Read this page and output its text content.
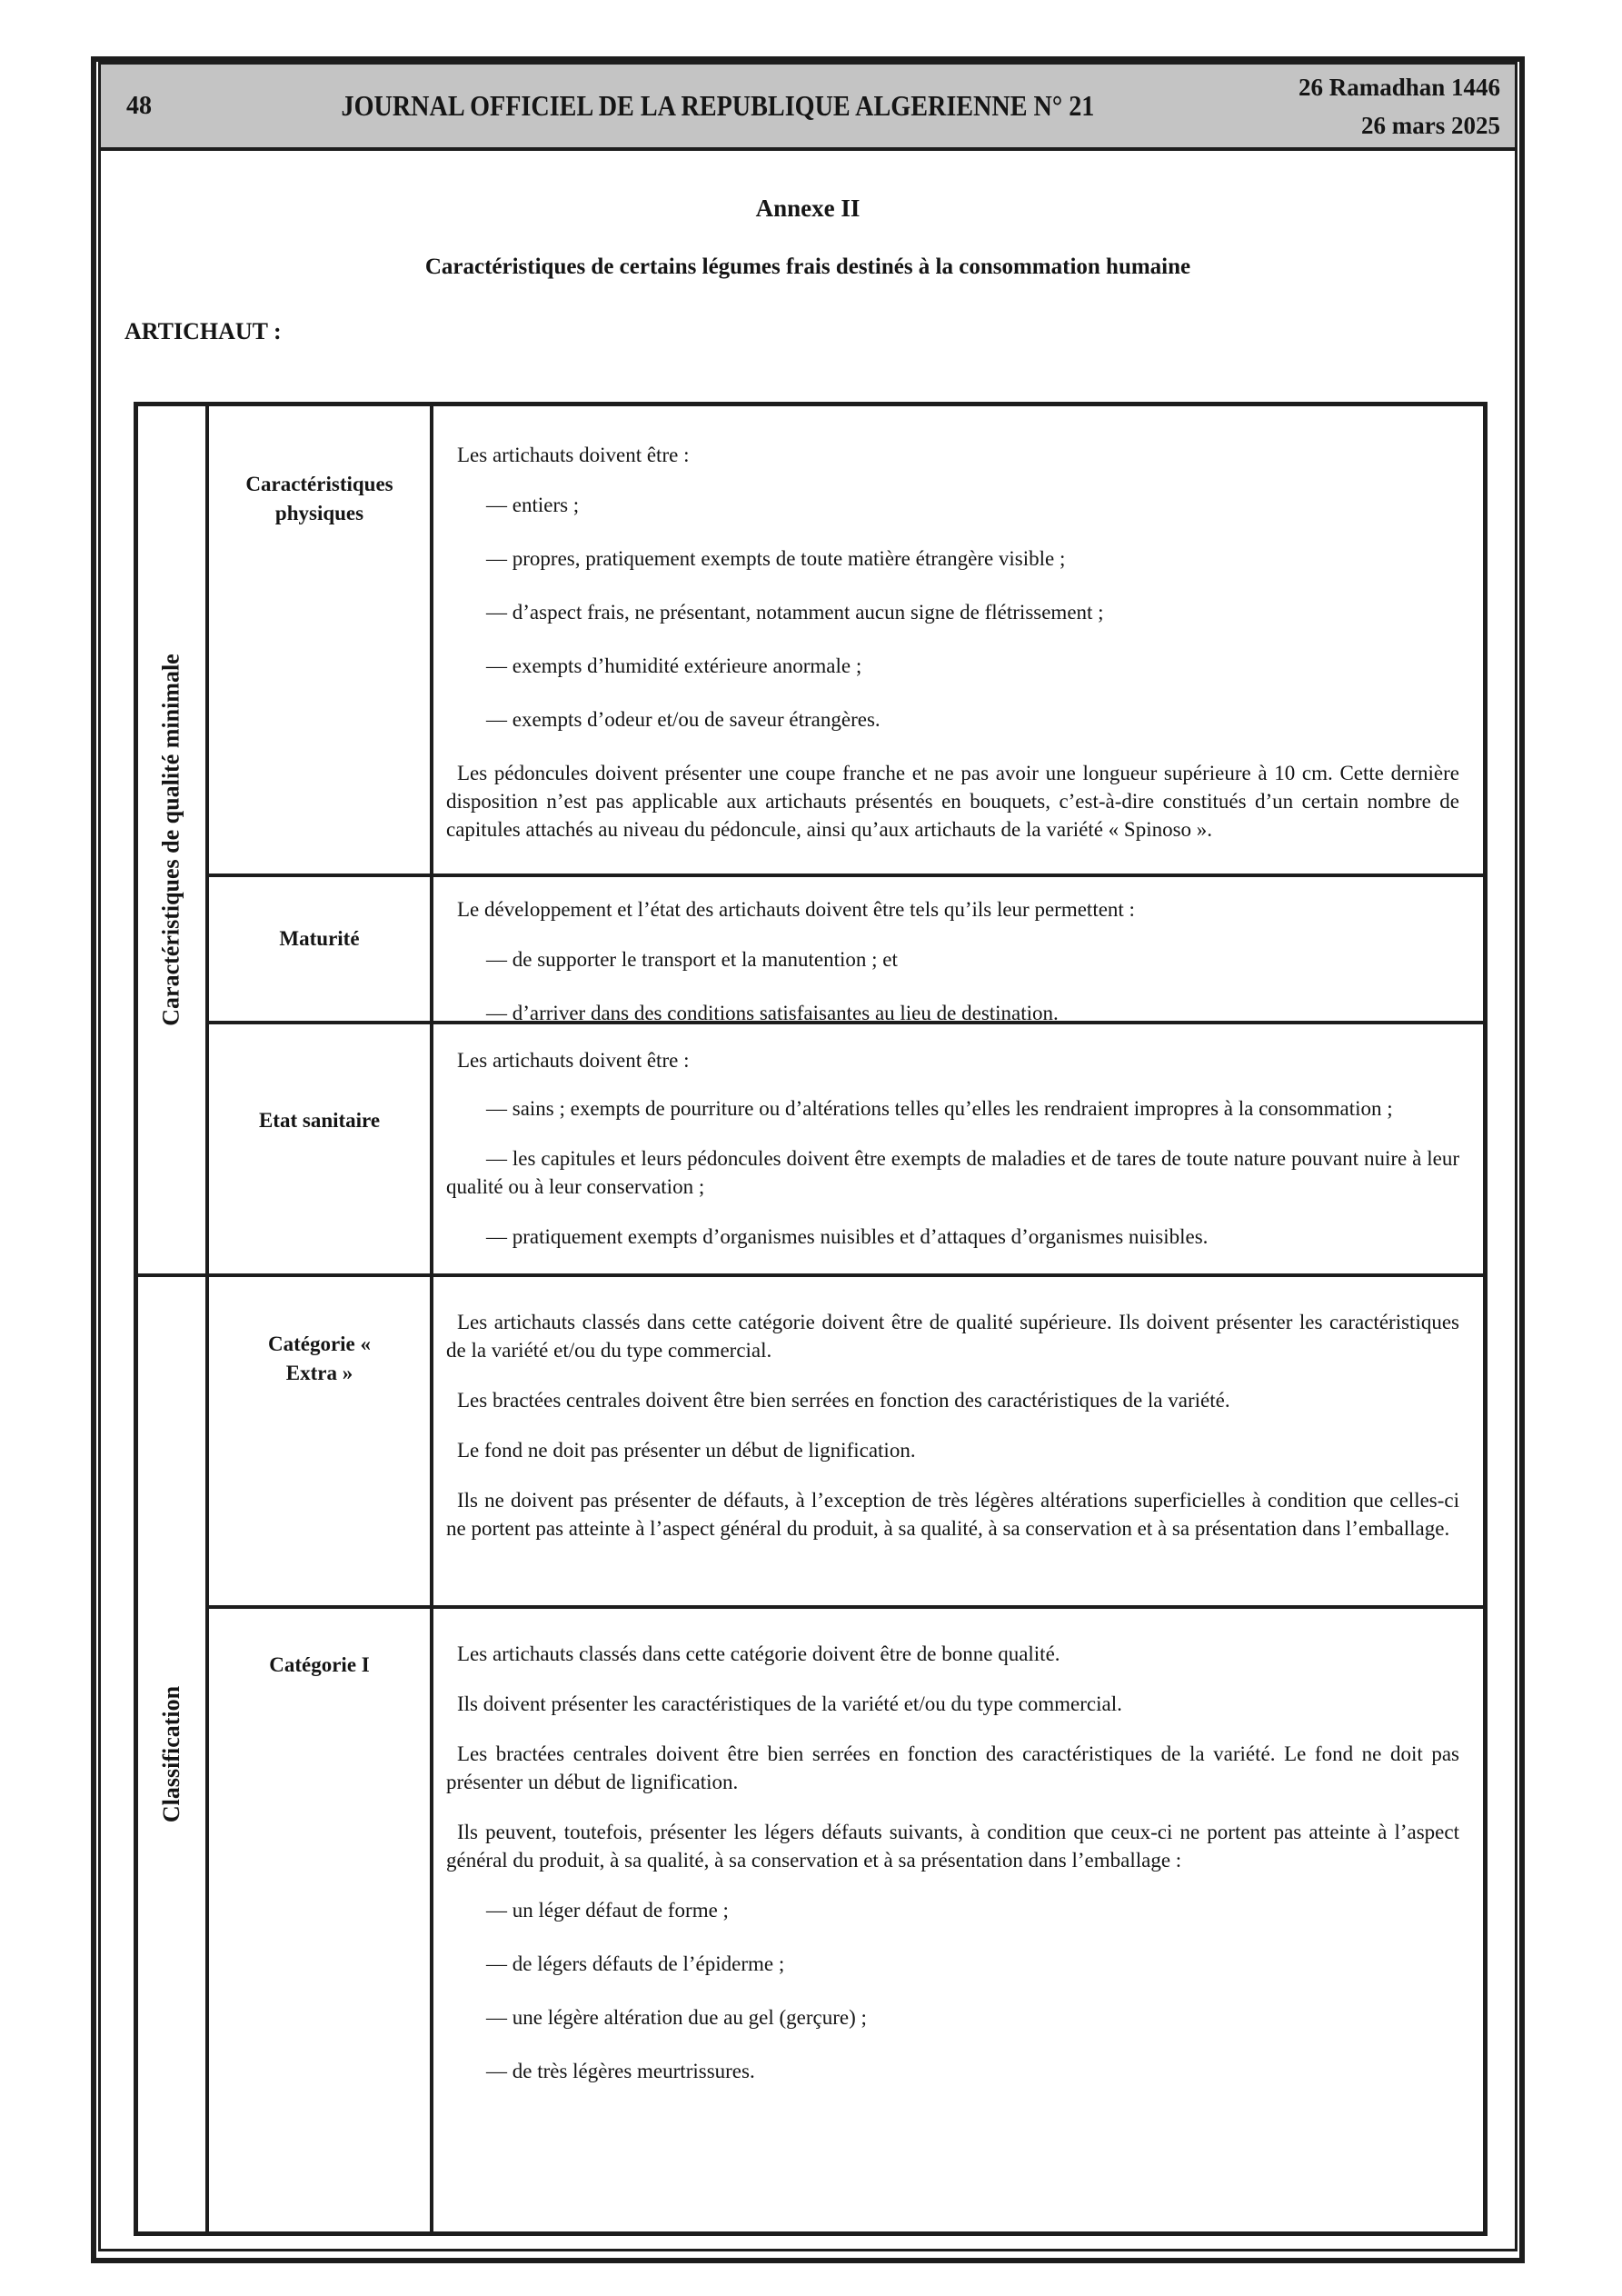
48	JOURNAL OFFICIEL DE LA REPUBLIQUE ALGERIENNE N° 21
26 Ramadhan 1446
26 mars 2025
Annexe II
Caractéristiques de certains légumes frais destinés à la consommation humaine
ARTICHAUT :
Caractéristiques de qualité minimale
Classification
Caractéristiques physiques
Maturité
Etat sanitaire
Catégorie « Extra »
Catégorie I
Les artichauts doivent être :
— entiers ;
— propres, pratiquement exempts de toute matière étrangère visible ;
— d’aspect frais, ne présentant, notamment aucun signe de flétrissement ;
— exempts d’humidité extérieure anormale ;
— exempts d’odeur et/ou de saveur étrangères.
Les pédoncules doivent présenter une coupe franche et ne pas avoir une longueur supérieure à 10 cm. Cette dernière disposition n’est pas applicable aux artichauts présentés en bouquets, c’est-à-dire constitués d’un certain nombre de capitules attachés au niveau du pédoncule, ainsi qu’aux artichauts de la variété « Spinoso ».
Le développement et l’état des artichauts doivent être tels qu’ils leur permettent :
— de supporter le transport et la manutention ; et
— d’arriver dans des conditions satisfaisantes au lieu de destination.
Les artichauts doivent être :
— sains ; exempts de pourriture ou d’altérations telles qu’elles les rendraient impropres à la consommation ;
— les capitules et leurs pédoncules doivent être exempts de maladies et de tares de toute nature pouvant nuire à leur qualité ou à leur conservation ;
— pratiquement exempts d’organismes nuisibles et d’attaques d’organismes nuisibles.
Les artichauts classés dans cette catégorie doivent être de qualité supérieure. Ils doivent présenter les caractéristiques de la variété et/ou du type commercial.
Les bractées centrales doivent être bien serrées en fonction des caractéristiques de la variété.
Le fond ne doit pas présenter un début de lignification.
Ils ne doivent pas présenter de défauts, à l’exception de très légères altérations superficielles à condition que celles-ci ne portent pas atteinte à l’aspect général du produit, à sa qualité, à sa conservation et à sa présentation dans l’emballage.
Les artichauts classés dans cette catégorie doivent être de bonne qualité.
Ils doivent présenter les caractéristiques de la variété et/ou du type commercial.
Les bractées centrales doivent être bien serrées en fonction des caractéristiques de la variété. Le fond ne doit pas présenter un début de lignification.
Ils peuvent, toutefois, présenter les légers défauts suivants, à condition que ceux-ci ne portent pas atteinte à l’aspect général du produit, à sa qualité, à sa conservation et à sa présentation dans l’emballage :
— un léger défaut de forme ;
— de légers défauts de l’épiderme ;
— une légère altération due au gel (gerçure) ;
— de très légères meurtrissures.
